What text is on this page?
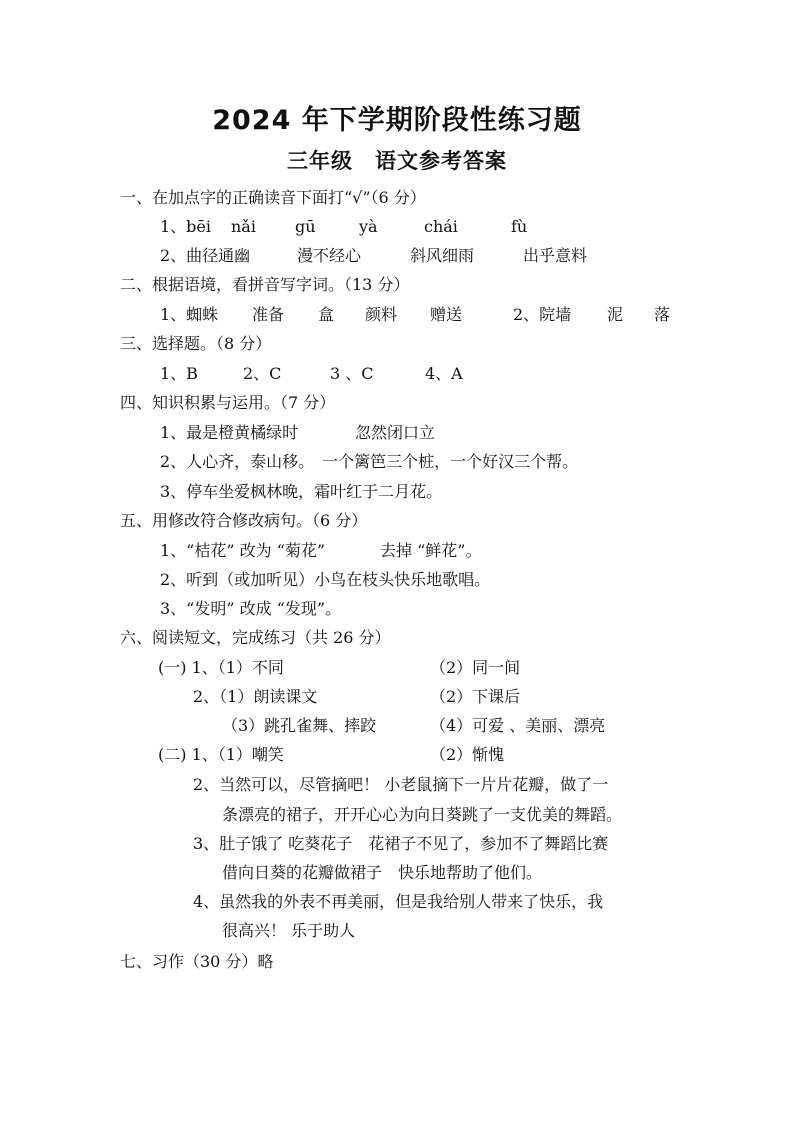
2024 年下学期阶段性练习题
三年级　语文参考答案
一、在加点字的正确读音下面打“√”（6 分）
1、bēi nǎi gū	yà	chái	fù
2、曲径通幽	漫不经心	斜风细雨	出乎意料
二、根据语境，看拼音写字词。（13 分）
1、蜘蛛 准备 盒 颜料 赠送	2、院墙 泥 落
三、选择题。（8 分）
1、B	2、C	3 、C	4、A
四、知识积累与运用。（7 分）
1、最是橙黄橘绿时	忽然闭口立
2、人心齐，泰山移。　一个篱笆三个桩，一个好汉三个帮。
3、停车坐爱枫林晚，霜叶红于二月花。
五、用修改符合修改病句。（6 分）
1、“桔花” 改为 “菊花”	去掉 “鲜花”。
2、听到（或加听见）小鸟在枝头快乐地歌唱。
3、“发明” 改成 “发现”。
六、阅读短文，完成练习（共 26 分）
(一) 1、（1）不同	（2）同一间
2、（1）朗读课文	（2）下课后
（3）跳孔雀舞、摔跤	（4）可爱 、美丽、漂亮
(二) 1、（1）嘲笑	（2）惭愧
2、当然可以，尽管摘吧！ 小老鼠摘下一片片花瓣，做了一
条漂亮的裙子，开开心心为向日葵跳了一支优美的舞蹈。
3、肚子饿了 吃葵花子　花裙子不见了，参加不了舞蹈比赛
借向日葵的花瓣做裙子　快乐地帮助了他们。
4、虽然我的外表不再美丽，但是我给别人带来了快乐，我
很高兴！ 乐于助人
七、习作（30 分）略
